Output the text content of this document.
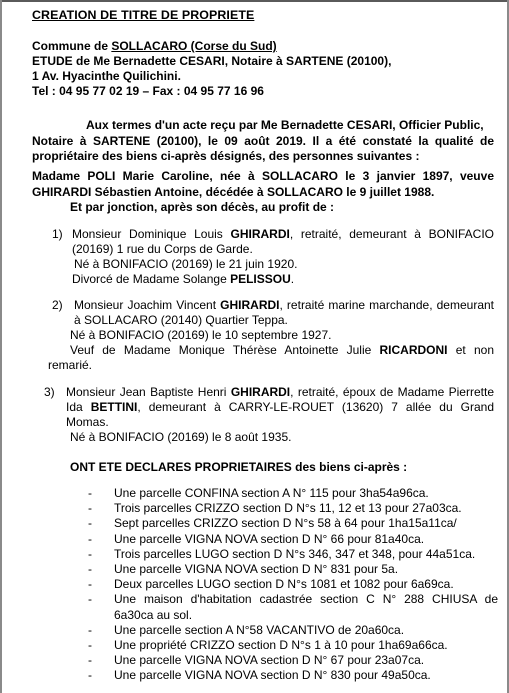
CREATION DE TITRE DE PROPRIETE
Commune de SOLLACARO (Corse du Sud)
ETUDE de Me Bernadette CESARI, Notaire à SARTENE (20100),
1 Av. Hyacinthe Quilichini.
Tel : 04 95 77 02 19 – Fax : 04 95 77 16 96
Aux termes d'un acte reçu par Me Bernadette CESARI, Officier Public,
Notaire à SARTENE (20100), le 09 août 2019. Il a été constaté la qualité de propriétaire des biens ci-après désignés, des personnes suivantes :
Madame POLI Marie Caroline, née à SOLLACARO le 3 janvier 1897, veuve GHIRARDI Sébastien Antoine, décédée à SOLLACARO le 9 juillet 1988.
Et par jonction, après son décès, au profit de :
1) Monsieur Dominique Louis GHIRARDI, retraité, demeurant à BONIFACIO (20169) 1 rue du Corps de Garde.
Né à BONIFACIO (20169) le 21 juin 1920.
Divorcé de Madame Solange PELISSOU.
2) Monsieur Joachim Vincent GHIRARDI, retraité marine marchande, demeurant à SOLLACARO (20140) Quartier Teppa.
Né à BONIFACIO (20169) le 10 septembre 1927.
Veuf de Madame Monique Thérèse Antoinette Julie RICARDONI et non remarié.
3) Monsieur Jean Baptiste Henri GHIRARDI, retraité, époux de Madame Pierrette Ida BETTINI, demeurant à CARRY-LE-ROUET (13620) 7 allée du Grand Momas.
Né à BONIFACIO (20169) le 8 août 1935.
ONT ETE DECLARES PROPRIETAIRES des biens ci-après :
-	Une parcelle CONFINA section A N° 115 pour 3ha54a96ca.
-	Trois parcelles CRIZZO section D N°s 11, 12 et 13 pour 27a03ca.
-	Sept parcelles CRIZZO section D N°s 58 à 64 pour 1ha15a11ca/
-	Une parcelle VIGNA NOVA section D N° 66 pour 81a40ca.
-	Trois parcelles LUGO section D N°s 346, 347 et 348, pour 44a51ca.
-	Une parcelle VIGNA NOVA section D N° 831 pour 5a.
-	Deux parcelles LUGO section D N°s 1081 et 1082 pour 6a69ca.
-	Une maison d'habitation cadastrée section C N° 288 CHIUSA de 6a30ca au sol.
-	Une parcelle section A N°58 VACANTIVO de 20a60ca.
-	Une propriété CRIZZO section D N°s 1 à 10 pour 1ha69a66ca.
-	Une parcelle VIGNA NOVA section D N° 67 pour 23a07ca.
-	Une parcelle VIGNA NOVA section D N° 830 pour 49a50ca.
